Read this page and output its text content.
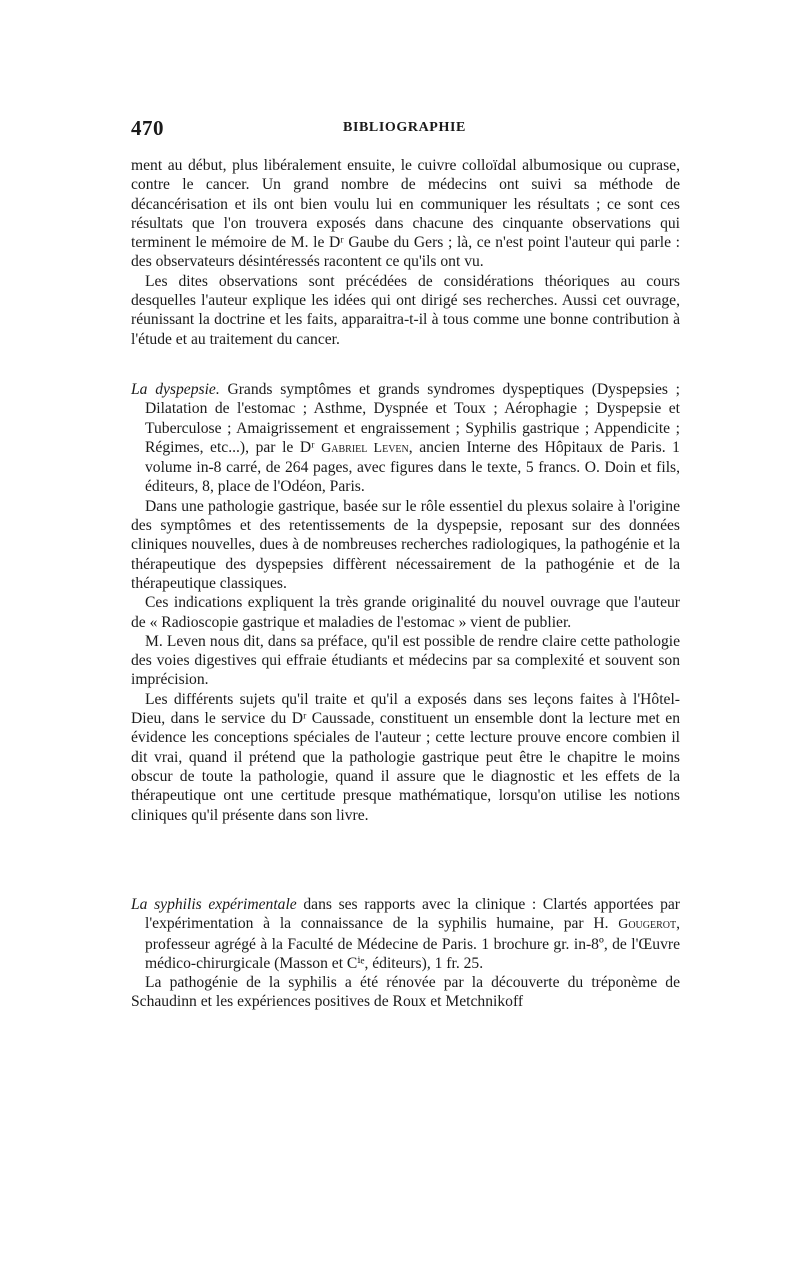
470	BIBLIOGRAPHIE

ment au début, plus libéralement ensuite, le cuivre colloïdal albumosique ou cuprase, contre le cancer. Un grand nombre de médecins ont suivi sa méthode de décancérisation et ils ont bien voulu lui en communiquer les résultats ; ce sont ces résultats que l'on trouvera exposés dans chacune des cinquante observations qui terminent le mémoire de M. le Dʳ Gaube du Gers ; là, ce n'est point l'auteur qui parle : des observateurs désintéressés racontent ce qu'ils ont vu.

Les dites observations sont précédées de considérations théoriques au cours desquelles l'auteur explique les idées qui ont dirigé ses recherches. Aussi cet ouvrage, réunissant la doctrine et les faits, apparaitra-t-il à tous comme une bonne contribution à l'étude et au traitement du cancer.

La dyspepsie. Grands symptômes et grands syndromes dyspeptiques (Dyspepsies ; Dilatation de l'estomac ; Asthme, Dyspnée et Toux ; Aérophagie ; Dyspepsie et Tuberculose ; Amaigrissement et engraissement ; Syphilis gastrique ; Appendicite ; Régimes, etc...), par le Dʳ Gabriel Leven, ancien Interne des Hôpitaux de Paris. 1 volume in-8 carré, de 264 pages, avec figures dans le texte, 5 francs. O. Doin et fils, éditeurs, 8, place de l'Odéon, Paris.

Dans une pathologie gastrique, basée sur le rôle essentiel du plexus solaire à l'origine des symptômes et des retentissements de la dyspepsie, reposant sur des données cliniques nouvelles, dues à de nombreuses recherches radiologiques, la pathogénie et la thérapeutique des dyspepsies diffèrent nécessairement de la pathogénie et de la thérapeutique classiques.

Ces indications expliquent la très grande originalité du nouvel ouvrage que l'auteur de « Radioscopie gastrique et maladies de l'estomac » vient de publier.

M. Leven nous dit, dans sa préface, qu'il est possible de rendre claire cette pathologie des voies digestives qui effraie étudiants et médecins par sa complexité et souvent son imprécision.

Les différents sujets qu'il traite et qu'il a exposés dans ses leçons faites à l'Hôtel-Dieu, dans le service du Dʳ Caussade, constituent un ensemble dont la lecture met en évidence les conceptions spéciales de l'auteur ; cette lecture prouve encore combien il dit vrai, quand il prétend que la pathologie gastrique peut être le chapitre le moins obscur de toute la pathologie, quand il assure que le diagnostic et les effets de la thérapeutique ont une certitude presque mathématique, lorsqu'on utilise les notions cliniques qu'il présente dans son livre.

La syphilis expérimentale dans ses rapports avec la clinique : Clartés apportées par l'expérimentation à la connaissance de la syphilis humaine, par H. Gougerot, professeur agrégé à la Faculté de Médecine de Paris. 1 brochure gr. in-8º, de l'Œuvre médico-chirurgicale (Masson et Cⁱᵉ, éditeurs), 1 fr. 25.

La pathogénie de la syphilis a été rénovée par la découverte du tréponème de Schaudinn et les expériences positives de Roux et Metchnikoff
